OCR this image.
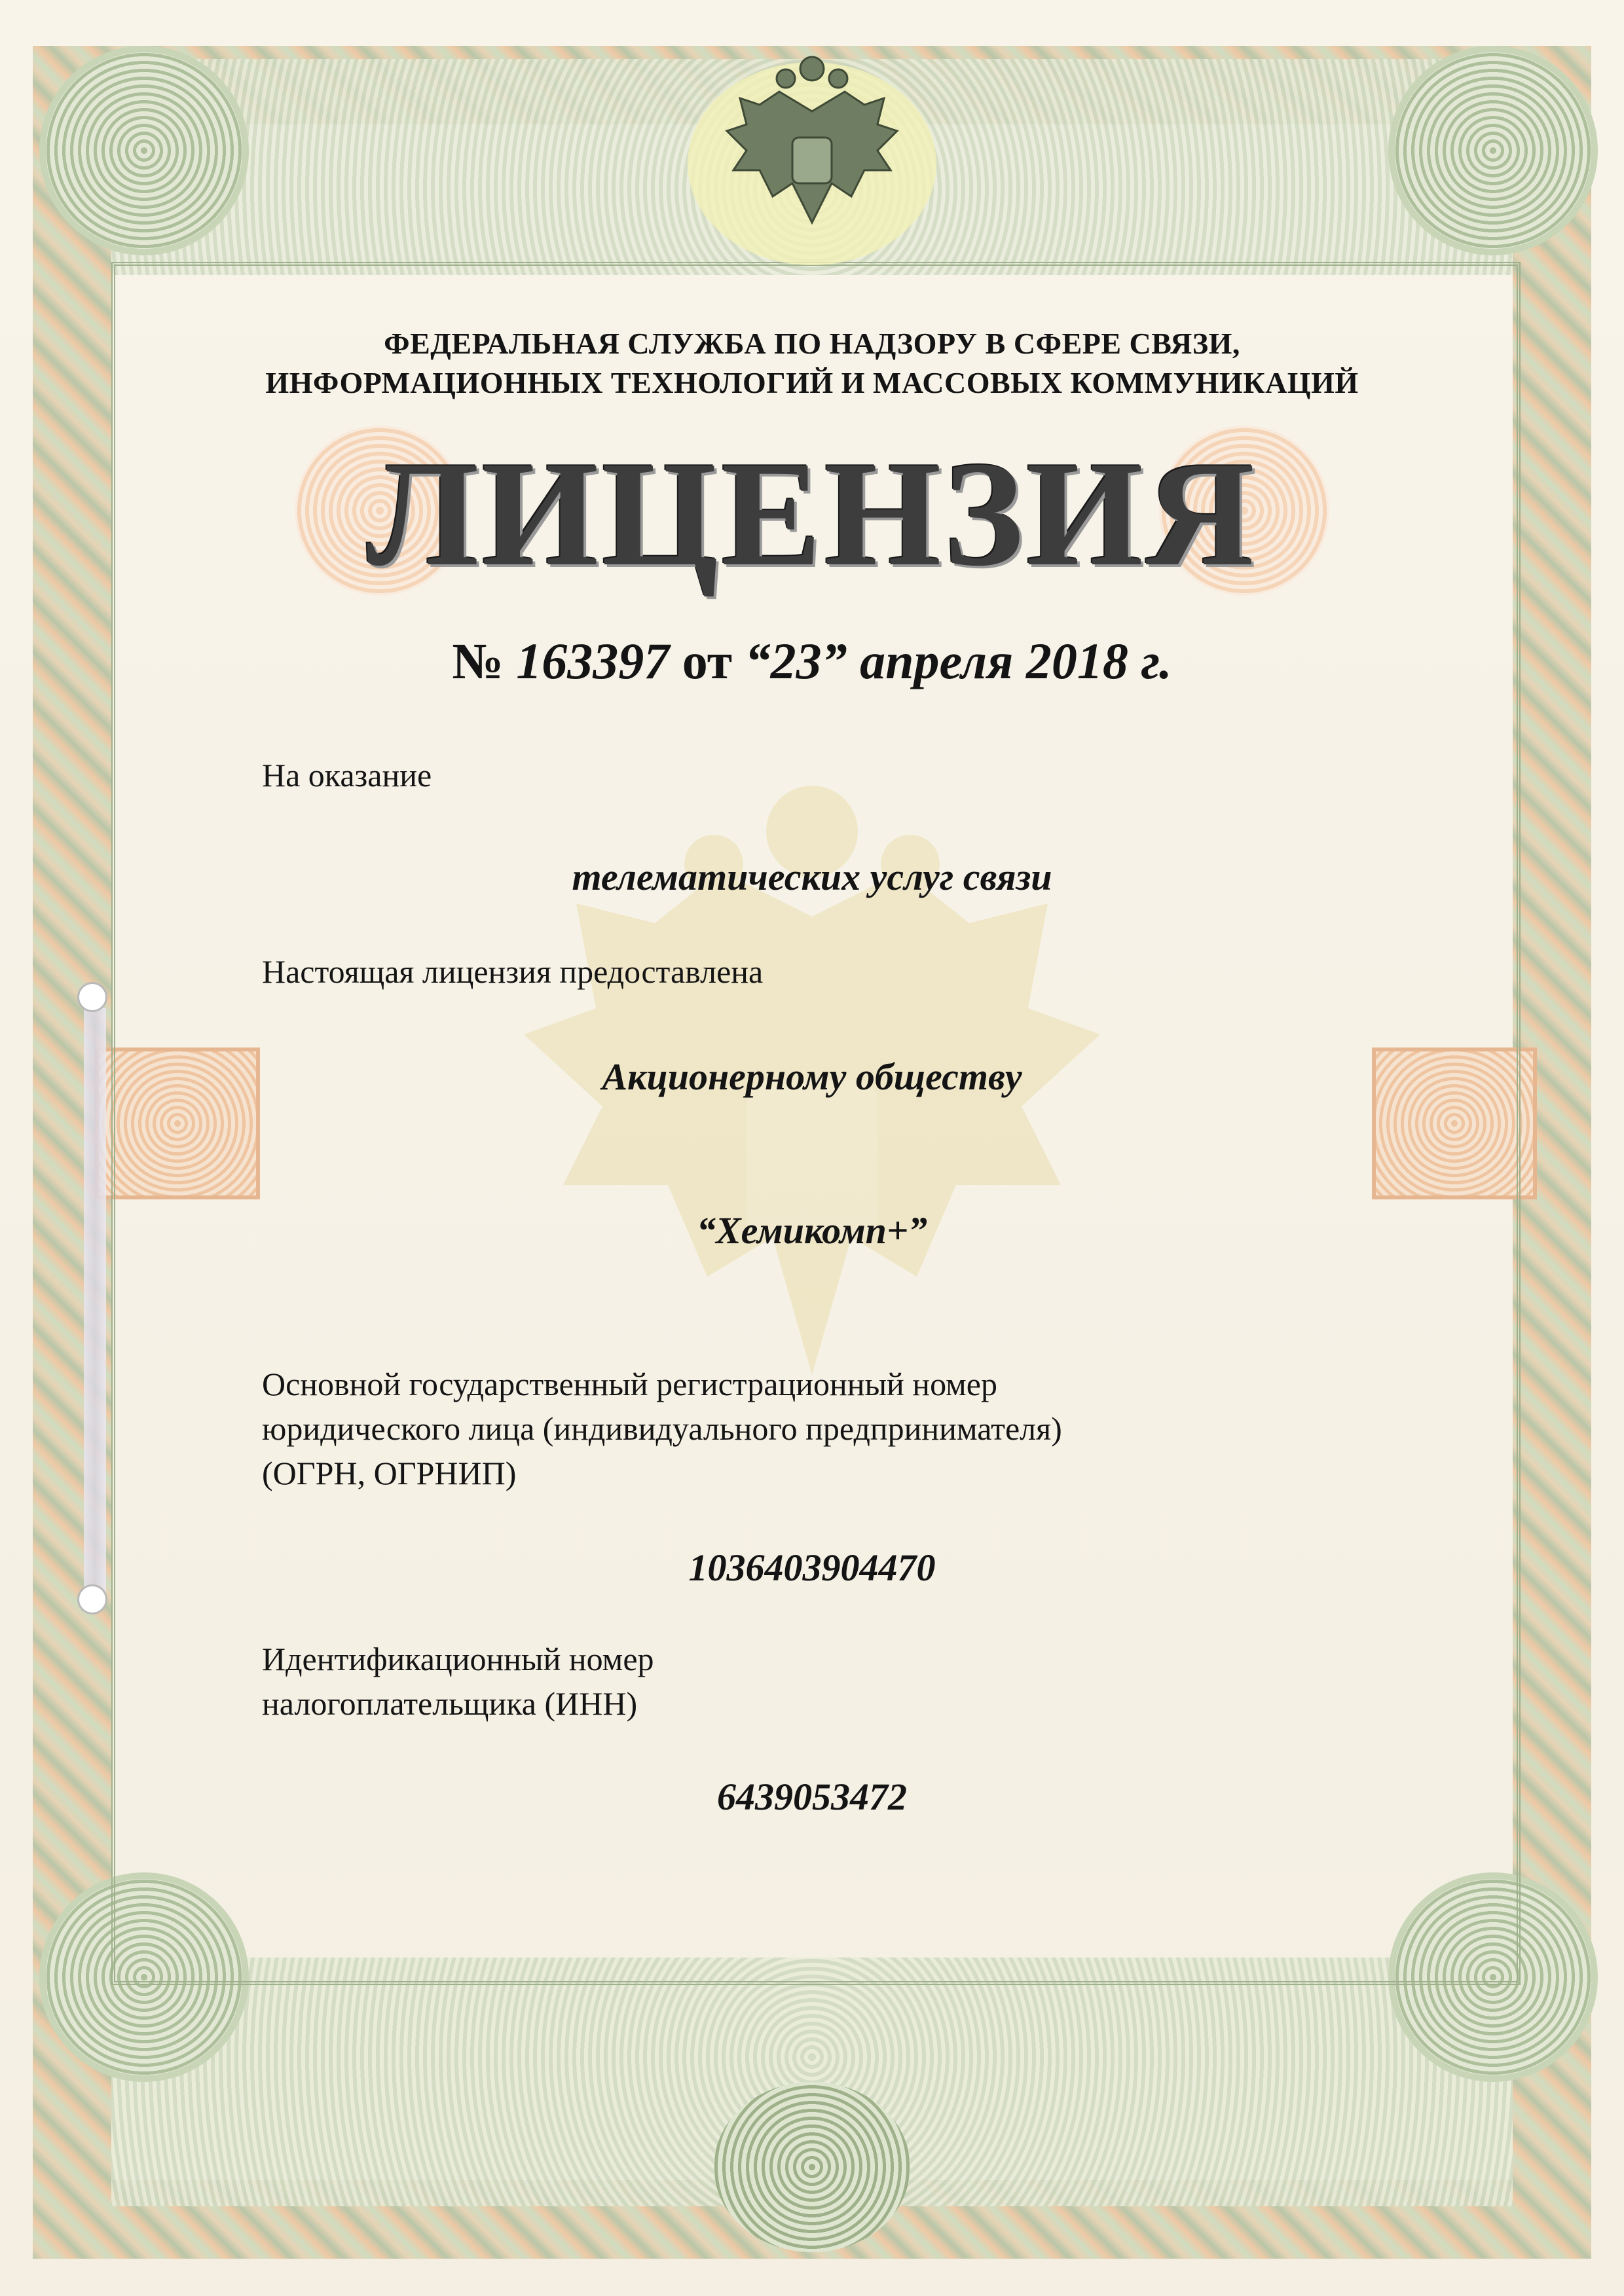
ФЕДЕРАЛЬНАЯ СЛУЖБА ПО НАДЗОРУ В СФЕРЕ СВЯЗИ,
ИНФОРМАЦИОННЫХ ТЕХНОЛОГИЙ И МАССОВЫХ КОММУНИКАЦИЙ
ЛИЦЕНЗИЯ
№ 163397 от “23” апреля 2018 г.
На оказание
телематических услуг связи
Настоящая лицензия предоставлена
Акционерному обществу
“Хемикомп+”
Основной государственный регистрационный номер
юридического лица (индивидуального предпринимателя)
(ОГРН, ОГРНИП)
1036403904470
Идентификационный номер
налогоплательщика (ИНН)
6439053472
